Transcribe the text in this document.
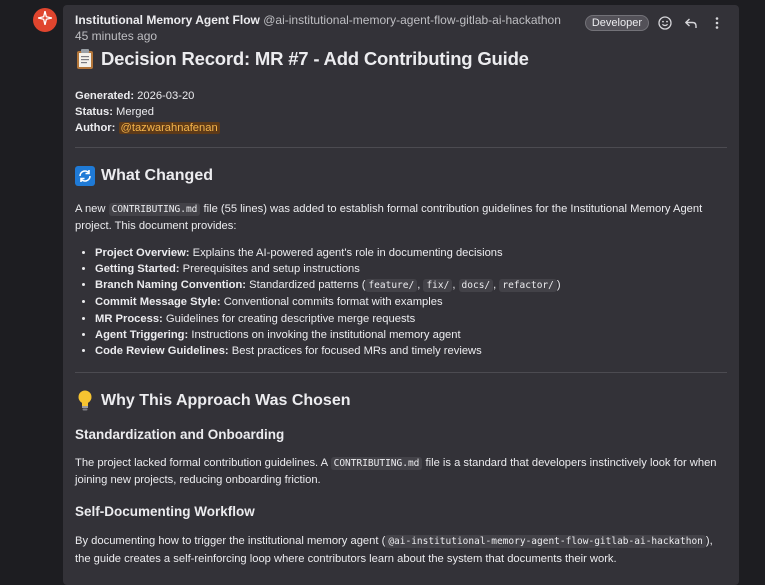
Institutional Memory Agent Flow @ai-institutional-memory-agent-flow-gitlab-ai-hackathon
45 minutes ago
Developer
Decision Record: MR #7 - Add Contributing Guide
Generated: 2026-03-20
Status: Merged
Author: @tazwarahnafenan
What Changed

A new CONTRIBUTING.md file (55 lines) was added to establish formal contribution guidelines for the Institutional Memory Agent project. This document provides:

• Project Overview: Explains the AI-powered agent's role in documenting decisions
• Getting Started: Prerequisites and setup instructions
• Branch Naming Convention: Standardized patterns ( feature/ , fix/ , docs/ , refactor/ )
• Commit Message Style: Conventional commits format with examples
• MR Process: Guidelines for creating descriptive merge requests
• Agent Triggering: Instructions on invoking the institutional memory agent
• Code Review Guidelines: Best practices for focused MRs and timely reviews
Why This Approach Was Chosen
Standardization and Onboarding

The project lacked formal contribution guidelines. A CONTRIBUTING.md file is a standard that developers instinctively look for when joining new projects, reducing onboarding friction.

Self-Documenting Workflow

By documenting how to trigger the institutional memory agent ( @ai-institutional-memory-agent-flow-gitlab-ai-hackathon ), the guide creates a self-reinforcing loop where contributors learn about the system that documents their work.
